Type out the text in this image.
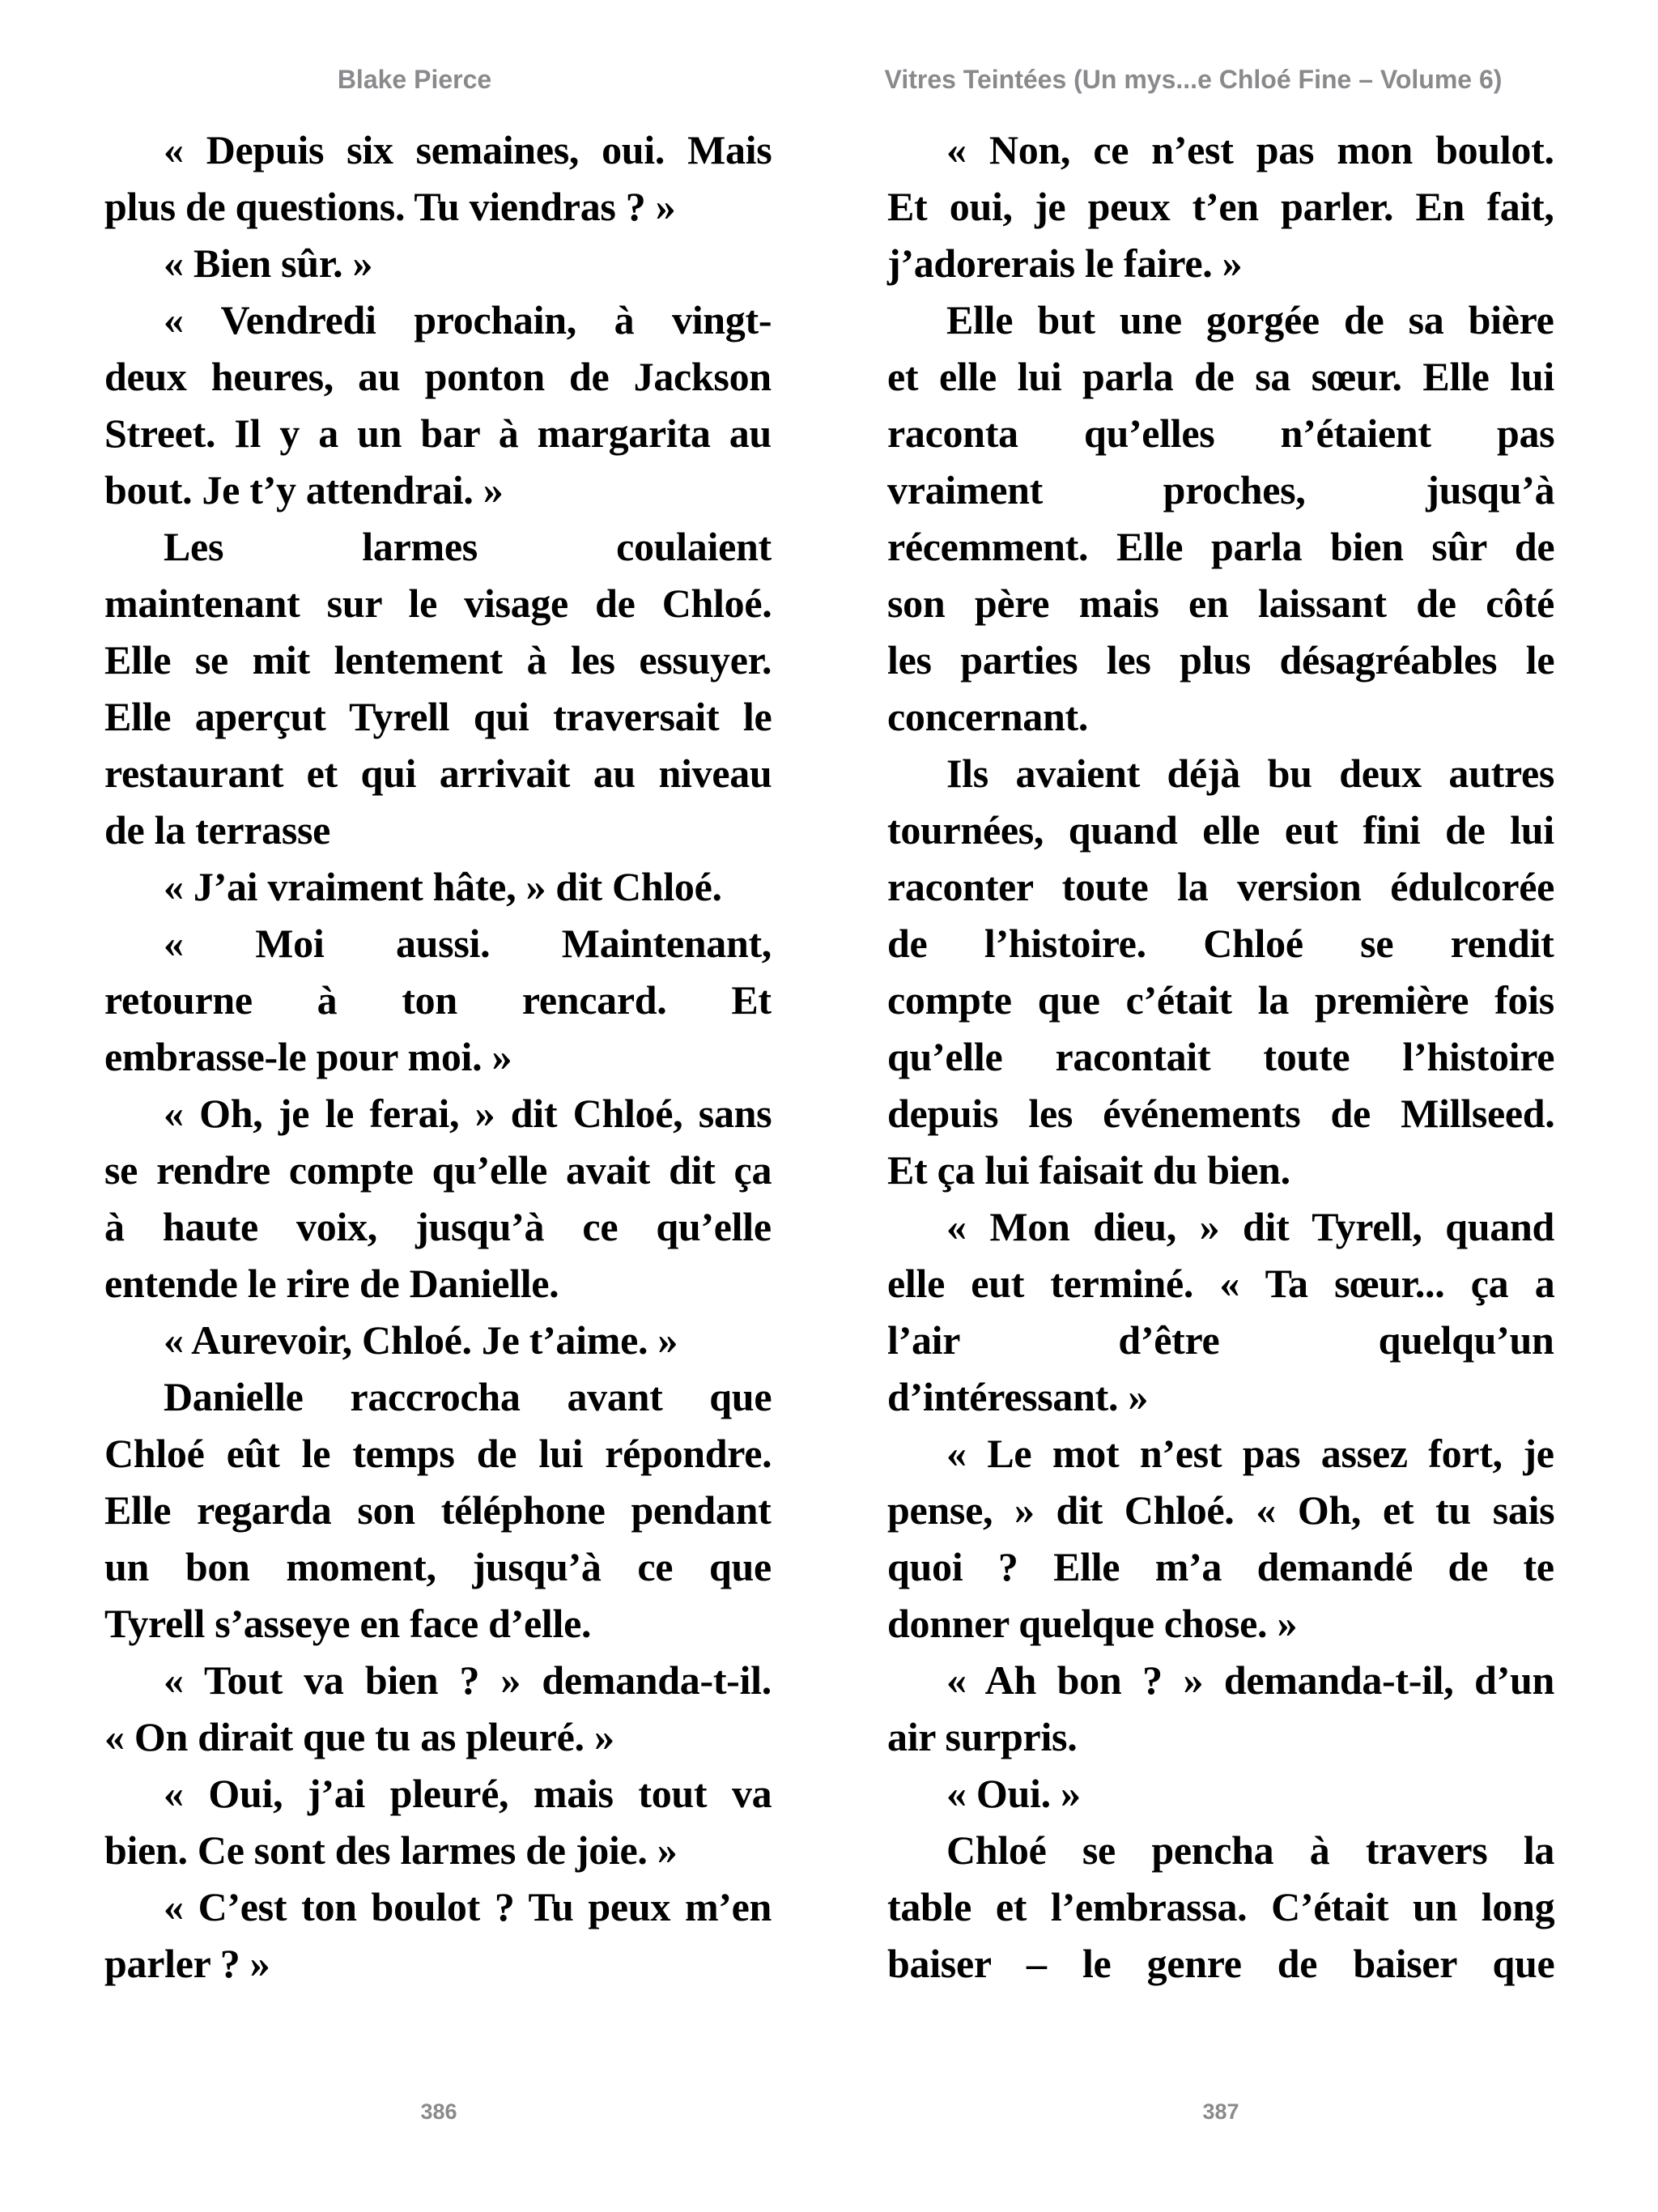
Blake Pierce	Vitres Teintées (Un mys...e Chloé Fine – Volume 6)
« Depuis six semaines, oui. Mais
plus de questions. Tu viendras ? »
« Bien sûr. »
« Vendredi prochain, à vingt-
deux heures, au ponton de Jackson
Street. Il y a un bar à margarita au
bout. Je t’y attendrai. »
Les larmes coulaient
maintenant sur le visage de Chloé.
Elle se mit lentement à les essuyer.
Elle aperçut Tyrell qui traversait le
restaurant et qui arrivait au niveau
de la terrasse
« J’ai vraiment hâte, » dit Chloé.
« Moi aussi. Maintenant,
retourne à ton rencard. Et
embrasse-le pour moi. »
« Oh, je le ferai, » dit Chloé, sans
se rendre compte qu’elle avait dit ça
à haute voix, jusqu’à ce qu’elle
entende le rire de Danielle.
« Aurevoir, Chloé. Je t’aime. »
Danielle raccrocha avant que
Chloé eût le temps de lui répondre.
Elle regarda son téléphone pendant
un bon moment, jusqu’à ce que
Tyrell s’asseye en face d’elle.
« Tout va bien ? » demanda-t-il.
« On dirait que tu as pleuré. »
« Oui, j’ai pleuré, mais tout va
bien. Ce sont des larmes de joie. »
« C’est ton boulot ? Tu peux m’en
parler ? »
« Non, ce n’est pas mon boulot.
Et oui, je peux t’en parler. En fait,
j’adorerais le faire. »
Elle but une gorgée de sa bière
et elle lui parla de sa sœur. Elle lui
raconta qu’elles n’étaient pas
vraiment proches, jusqu’à
récemment. Elle parla bien sûr de
son père mais en laissant de côté
les parties les plus désagréables le
concernant.
Ils avaient déjà bu deux autres
tournées, quand elle eut fini de lui
raconter toute la version édulcorée
de l’histoire. Chloé se rendit
compte que c’était la première fois
qu’elle racontait toute l’histoire
depuis les événements de Millseed.
Et ça lui faisait du bien.
« Mon dieu, » dit Tyrell, quand
elle eut terminé. « Ta sœur... ça a
l’air d’être quelqu’un
d’intéressant. »
« Le mot n’est pas assez fort, je
pense, » dit Chloé. « Oh, et tu sais
quoi ? Elle m’a demandé de te
donner quelque chose. »
« Ah bon ? » demanda-t-il, d’un
air surpris.
« Oui. »
Chloé se pencha à travers la
table et l’embrassa. C’était un long
baiser – le genre de baiser que
386	387
